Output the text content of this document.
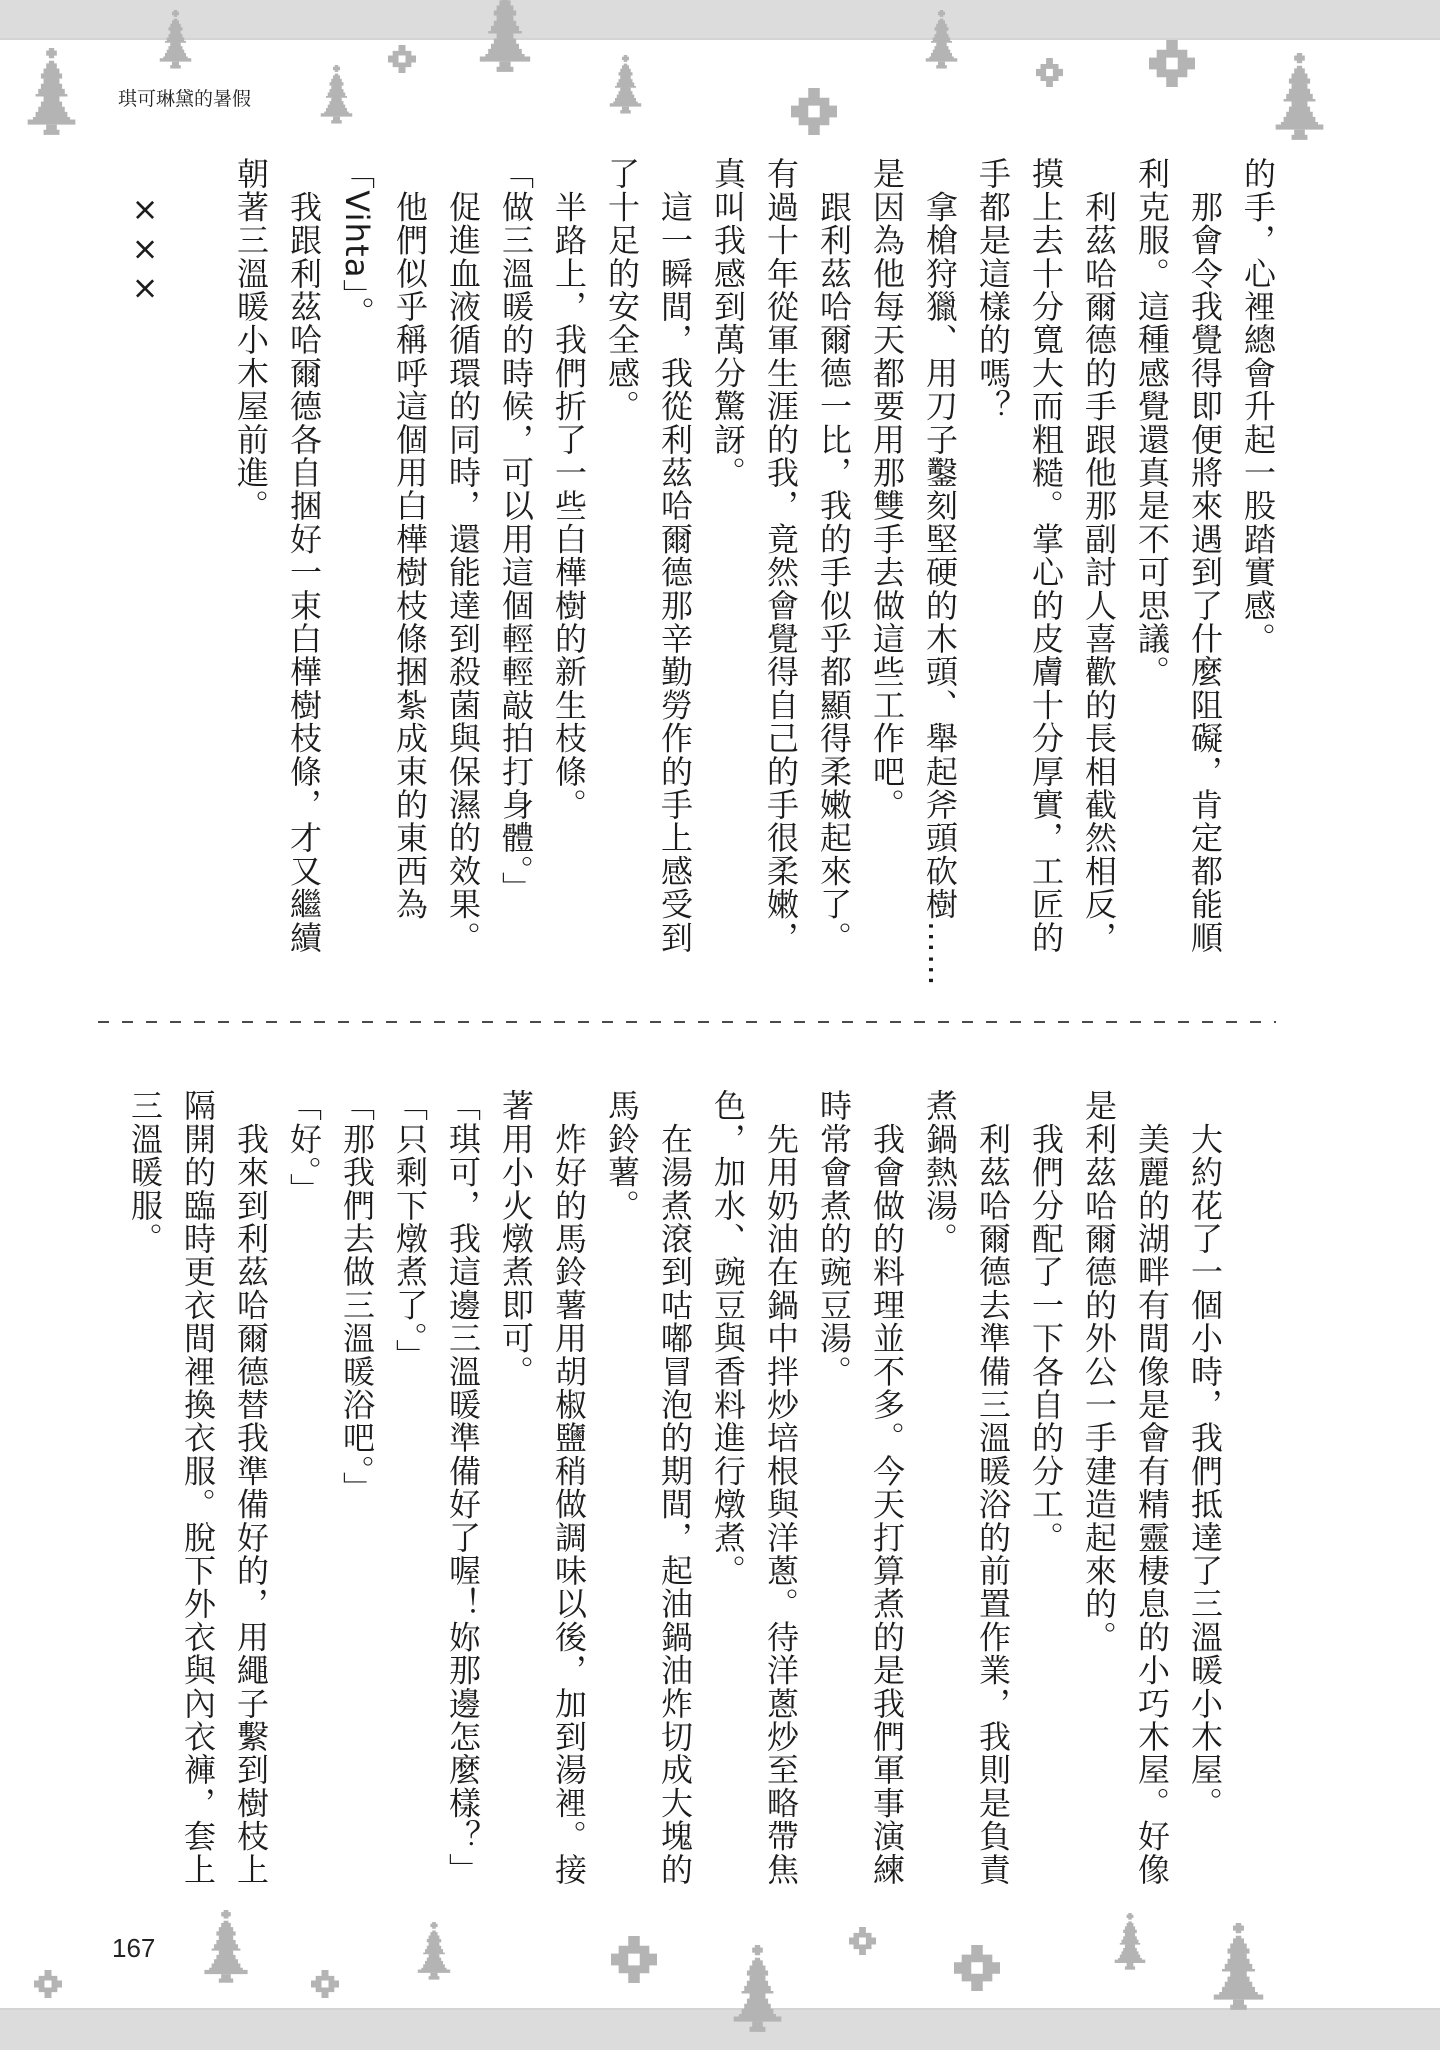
琪可琳黛的暑假
167
的手，心裡總會升起一股踏實感。
　那會令我覺得即便將來遇到了什麼阻礙，肯定都能順
利克服。這種感覺還真是不可思議。
　利茲哈爾德的手跟他那副討人喜歡的長相截然相反，
摸上去十分寬大而粗糙。掌心的皮膚十分厚實，工匠的
手都是這樣的嗎？
　拿槍狩獵、用刀子鑿刻堅硬的木頭、舉起斧頭砍樹……
是因為他每天都要用那雙手去做這些工作吧。
　跟利茲哈爾德一比，我的手似乎都顯得柔嫩起來了。
有過十年從軍生涯的我，竟然會覺得自己的手很柔嫩，
真叫我感到萬分驚訝。
　這一瞬間，我從利茲哈爾德那辛勤勞作的手上感受到
了十足的安全感。
　半路上，我們折了一些白樺樹的新生枝條。
「做三溫暖的時候，可以用這個輕輕敲拍打身體。」
　促進血液循環的同時，還能達到殺菌與保濕的效果。
　他們似乎稱呼這個用白樺樹枝條捆紮成束的東西為
「Vihta」。
　我跟利茲哈爾德各自捆好一束白樺樹枝條，才又繼續
朝著三溫暖小木屋前進。
　×××
　大約花了一個小時，我們抵達了三溫暖小木屋。
　美麗的湖畔有間像是會有精靈棲息的小巧木屋。好像
是利茲哈爾德的外公一手建造起來的。
　我們分配了一下各自的分工。
　利茲哈爾德去準備三溫暖浴的前置作業，我則是負責
煮鍋熱湯。
　我會做的料理並不多。今天打算煮的是我們軍事演練
時常會煮的豌豆湯。
　先用奶油在鍋中拌炒培根與洋蔥。待洋蔥炒至略帶焦
色，加水、豌豆與香料進行燉煮。
　在湯煮滾到咕嘟冒泡的期間，起油鍋油炸切成大塊的
馬鈴薯。
　炸好的馬鈴薯用胡椒鹽稍做調味以後，加到湯裡。接
著用小火燉煮即可。
「琪可，我這邊三溫暖準備好了喔！妳那邊怎麼樣？」
「只剩下燉煮了。」
「那我們去做三溫暖浴吧。」
「好。」
　我來到利茲哈爾德替我準備好的，用繩子繫到樹枝上
隔開的臨時更衣間裡換衣服。脫下外衣與內衣褲，套上
三溫暖服。
